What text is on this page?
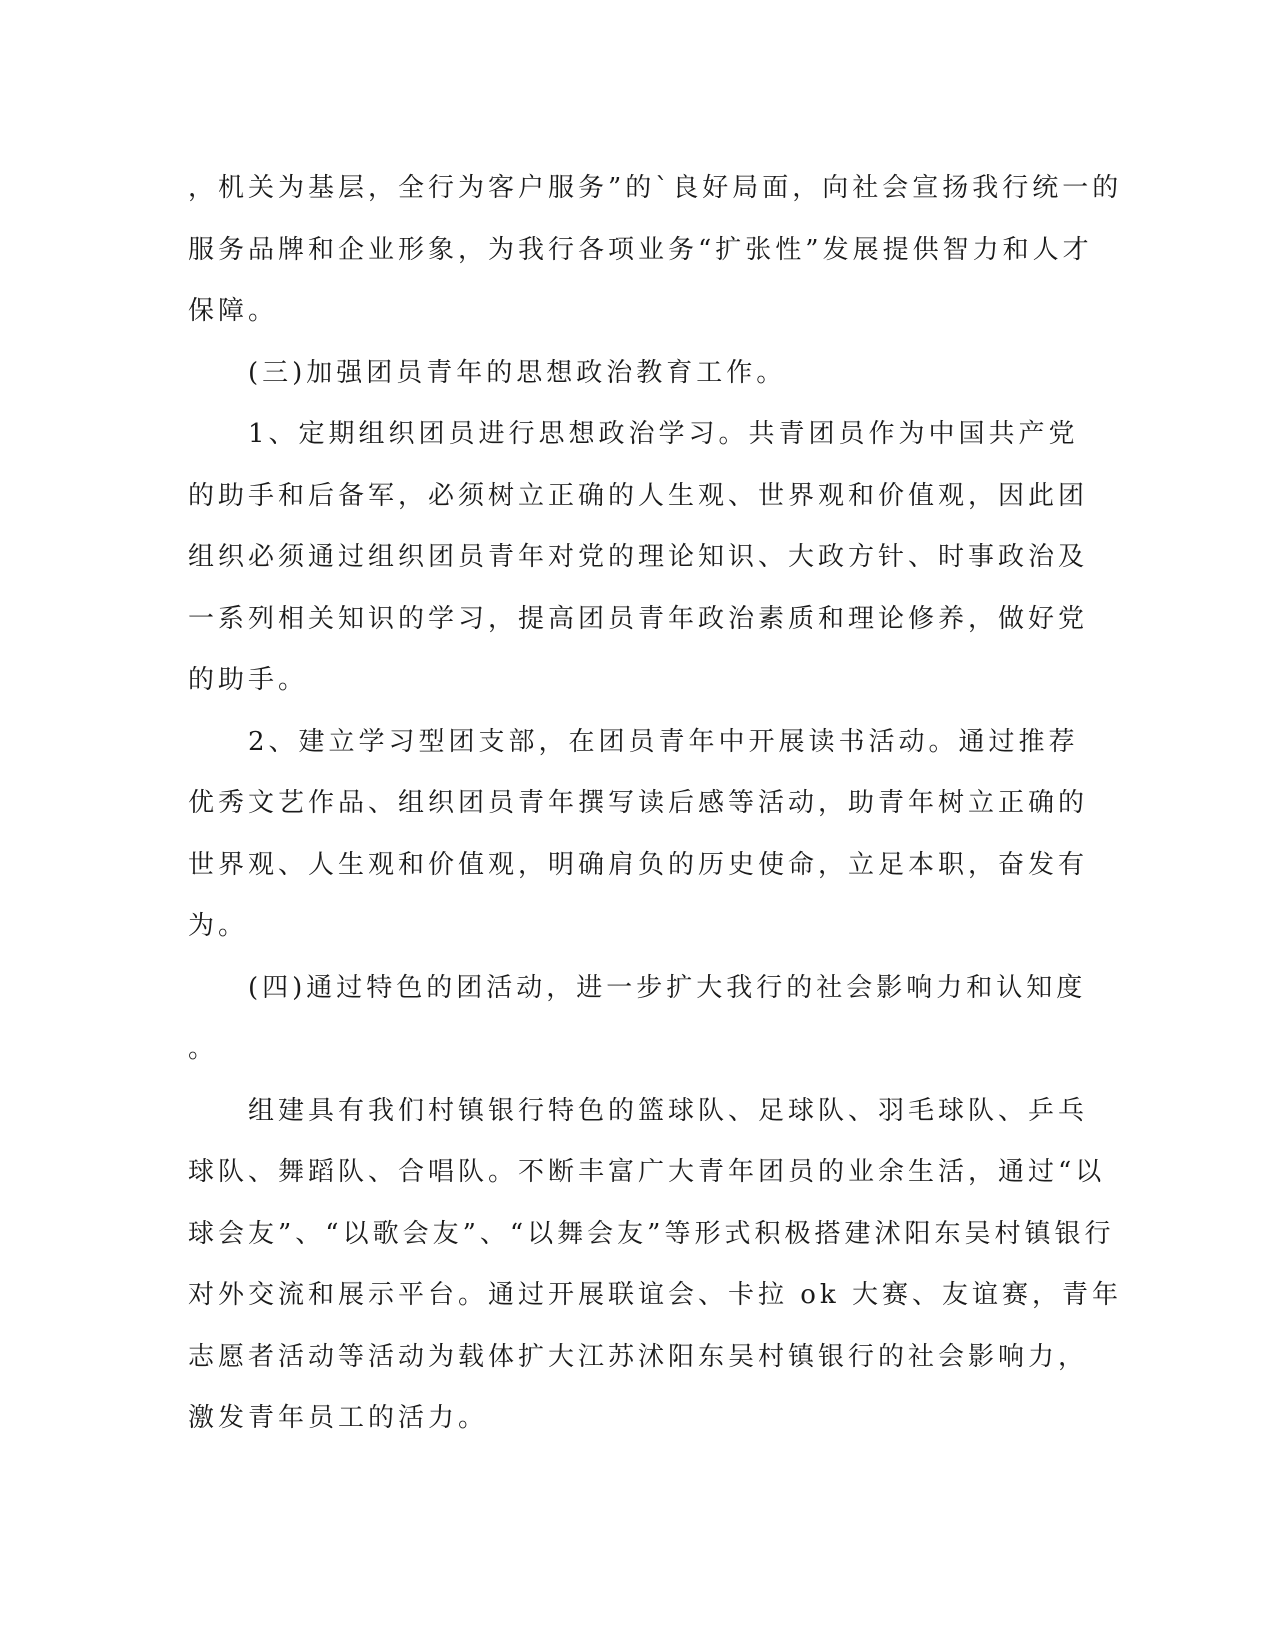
，机关为基层，全行为客户服务”的`良好局面，向社会宣扬我行统一的

服务品牌和企业形象，为我行各项业务“扩张性”发展提供智力和人才

保障。

　　(三)加强团员青年的思想政治教育工作。

　　1、定期组织团员进行思想政治学习。共青团员作为中国共产党

的助手和后备军，必须树立正确的人生观、世界观和价值观，因此团

组织必须通过组织团员青年对党的理论知识、大政方针、时事政治及

一系列相关知识的学习，提高团员青年政治素质和理论修养，做好党

的助手。

　　2、建立学习型团支部，在团员青年中开展读书活动。通过推荐

优秀文艺作品、组织团员青年撰写读后感等活动，助青年树立正确的

世界观、人生观和价值观，明确肩负的历史使命，立足本职，奋发有

为。

　　(四)通过特色的团活动，进一步扩大我行的社会影响力和认知度

。

　　组建具有我们村镇银行特色的篮球队、足球队、羽毛球队、乒乓

球队、舞蹈队、合唱队。不断丰富广大青年团员的业余生活，通过“以

球会友”、“以歌会友”、“以舞会友”等形式积极搭建沭阳东吴村镇银行

对外交流和展示平台。通过开展联谊会、卡拉 ok 大赛、友谊赛，青年

志愿者活动等活动为载体扩大江苏沭阳东吴村镇银行的社会影响力，

激发青年员工的活力。
